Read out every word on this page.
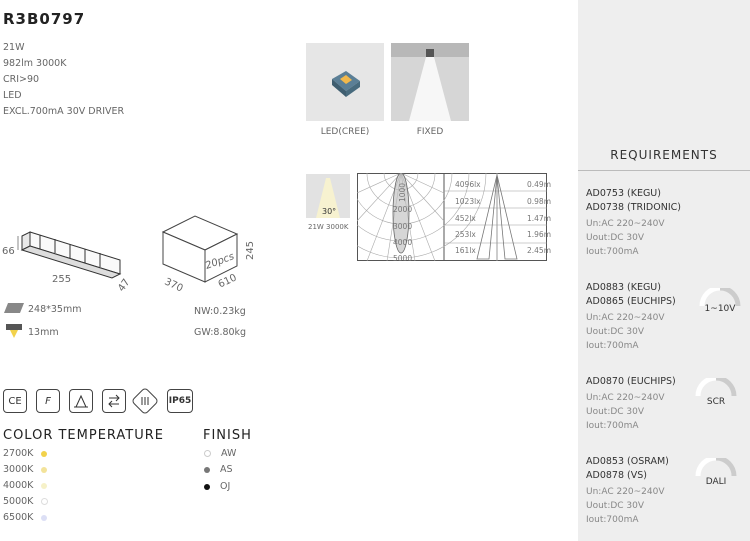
R3B0797
21W
982lm 3000K
CRI>90
LED
EXCL.700mA 30V DRIVER
66
255	47
248*35mm
13mm
20pcs
370	610
245
NW:0.23kg
GW:8.80kg
LED(CREE)	FIXED
30°
21W 3000K
1000
2000
3000
4000
5000
4096lx
1023lx
452lx
253lx
161lx
0.49m
0.98m
1.47m
1.96m
2.45m
CE F	IP65
COLOR TEMPERATURE
2700K
3000K
4000K
5000K
6500K
FINISH
AW
AS
OJ
REQUIREMENTS
AD0753 (KEGU)
AD0738 (TRIDONIC)
Un:AC 220~240V
Uout:DC 30V
Iout:700mA
AD0883 (KEGU)
AD0865 (EUCHIPS)
Un:AC 220~240V
Uout:DC 30V
Iout:700mA
1~10V
AD0870 (EUCHIPS)
Un:AC 220~240V
Uout:DC 30V
Iout:700mA
SCR
AD0853 (OSRAM)
AD0878 (VS)
Un:AC 220~240V
Uout:DC 30V
Iout:700mA
DALI
